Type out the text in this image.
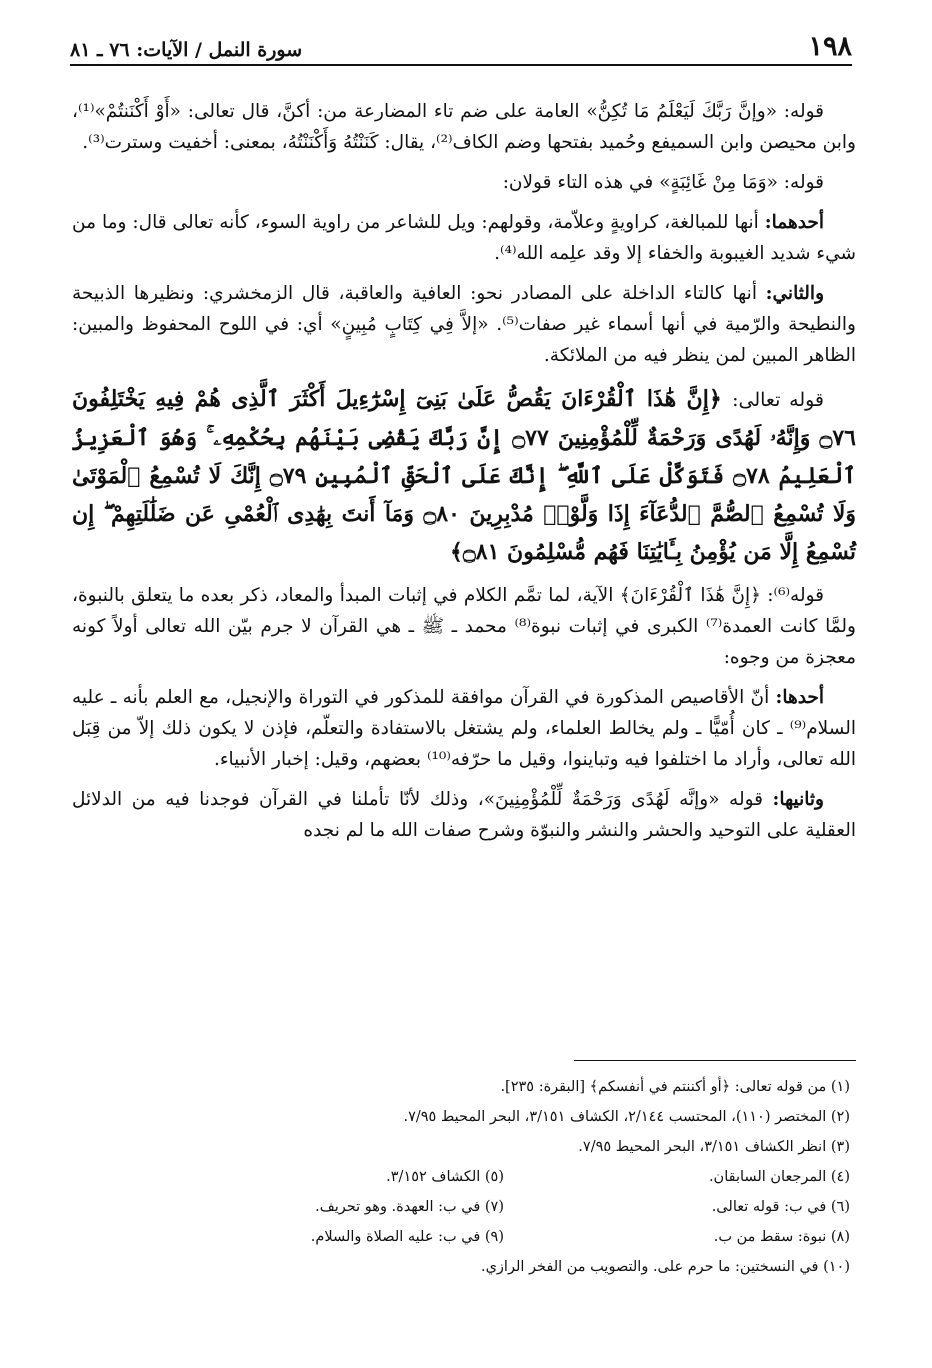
١٩٨
سورة النمل / الآيات: ٧٦ ـ ٨١

قوله: «وإنَّ رَبَّكَ لَيَعْلَمُ مَا تُكِنُّ» العامة على ضم تاء المضارعة من: أكنَّ، قال تعالى: «أَوْ أَكْنَنتُمْ»⁽¹⁾، وابن محيصن وابن السميفع وحُميد بفتحها وضم الكاف⁽²⁾، يقال: كَنَنْتُهُ وَأَكْنَنْتُهُ، بمعنى: أخفيت وسترت⁽³⁾.

قوله: «وَمَا مِنْ غَائِبَةٍ» في هذه التاء قولان:

أحدهما: أنها للمبالغة، كراويةٍ وعلاّمة، وقولهم: ويل للشاعر من راوية السوء، كأنه تعالى قال: وما من شيء شديد الغيبوبة والخفاء إلا وقد علِمه الله⁽⁴⁾.

والثاني: أنها كالتاء الداخلة على المصادر نحو: العافية والعاقبة، قال الزمخشري: ونظيرها الذبيحة والنطيحة والرّمية في أنها أسماء غير صفات⁽⁵⁾. «إلاَّ فِي كِتَابٍ مُبِينٍ» أي: في اللوح المحفوظ والمبين: الظاهر المبين لمن ينظر فيه من الملائكة.

قوله تعالى: ﴿إِنَّ هَٰذَا ٱلْقُرْءَانَ يَقُصُّ عَلَىٰ بَنِىٓ إِسْرَٰٓءِيلَ أَكْثَرَ ٱلَّذِى هُمْ فِيهِ يَخْتَلِفُونَ ۝٧٦ وَإِنَّهُۥ لَهُدًى وَرَحْمَةٌ لِّلْمُؤْمِنِينَ ۝٧٧ إِنَّ رَبَّكَ يَقْضِى بَيْنَهُم بِحُكْمِهِۦ ۚ وَهُوَ ٱلْعَزِيزُ ٱلْعَلِيمُ ۝٧٨ فَتَوَكَّلْ عَلَى ٱللَّهِ ۖ إِنَّكَ عَلَى ٱلْحَقِّ ٱلْمُبِينِ ۝٧٩ إِنَّكَ لَا تُسْمِعُ ٱلْمَوْتَىٰ وَلَا تُسْمِعُ ٱلصُّمَّ ٱلدُّعَآءَ إِذَا وَلَّوْا۟ مُدْبِرِينَ ۝٨٠ وَمَآ أَنتَ بِهَٰدِى ٱلْعُمْىِ عَن ضَلَٰلَتِهِمْ ۖ إِن تُسْمِعُ إِلَّا مَن يُؤْمِنُ بِـَٔايَٰتِنَا فَهُم مُّسْلِمُونَ ۝٨١﴾

قوله⁽⁶⁾: ﴿إِنَّ هَٰذَا ٱلْقُرْءَانَ﴾ الآية، لما تمَّم الكلام في إثبات المبدأ والمعاد، ذكر بعده ما يتعلق بالنبوة، ولمَّا كانت العمدة⁽⁷⁾ الكبرى في إثبات نبوة⁽⁸⁾ محمد ـ ﷺ ـ هي القرآن لا جرم بيّن الله تعالى أولاً كونه معجزة من وجوه:

أحدها: أنّ الأقاصيص المذكورة في القرآن موافقة للمذكور في التوراة والإنجيل، مع العلم بأنه ـ عليه السلام⁽⁹⁾ ـ كان أُمّيًّا ـ ولم يخالط العلماء، ولم يشتغل بالاستفادة والتعلّم، فإذن لا يكون ذلك إلاّ من قِبَل الله تعالى، وأراد ما اختلفوا فيه وتباينوا، وقيل ما حرّفه⁽¹⁰⁾ بعضهم، وقيل: إخبار الأنبياء.

وثانيها: قوله «وإنَّه لَهُدًى وَرَحْمَةٌ لِّلْمُؤْمِنِينَ»، وذلك لأنّا تأملنا في القرآن فوجدنا فيه من الدلائل العقلية على التوحيد والحشر والنشر والنبوّة وشرح صفات الله ما لم نجده

(١) من قوله تعالى: ﴿أو أكننتم في أنفسكم﴾ [البقرة: ٢٣٥].
(٢) المختصر (١١٠)، المحتسب ٢/١٤٤، الكشاف ٣/١٥١، البحر المحيط ٧/٩٥.
(٣) انظر الكشاف ٣/١٥١، البحر المحيط ٧/٩٥.
(٤) المرجعان السابقان.
(٥) الكشاف ٣/١٥٢.
(٦) في ب: قوله تعالى.
(٧) في ب: العهدة. وهو تحريف.
(٨) نبوة: سقط من ب.
(٩) في ب: عليه الصلاة والسلام.
(١٠) في النسختين: ما حرم على. والتصويب من الفخر الرازي.
